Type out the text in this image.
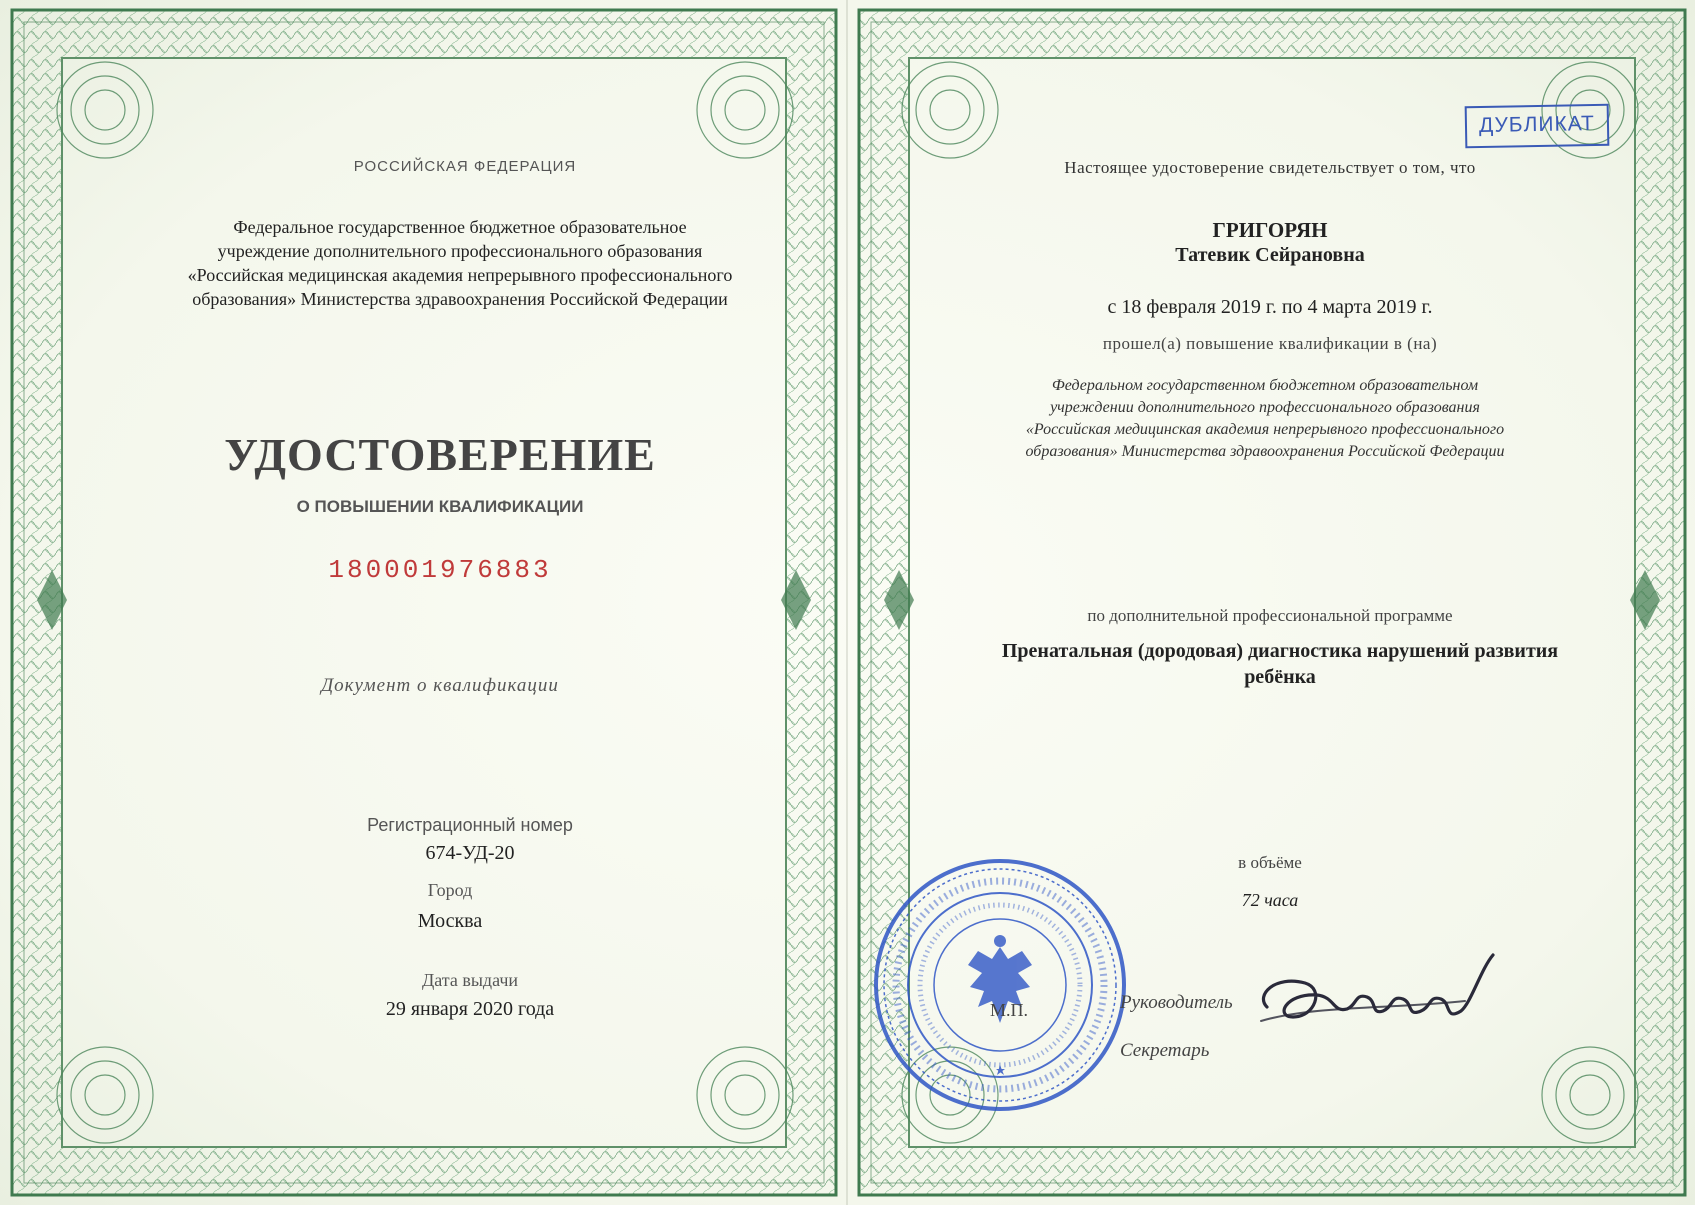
РОССИЙСКАЯ ФЕДЕРАЦИЯ
Федеральное государственное бюджетное образовательное
учреждение дополнительного профессионального образования
«Российская медицинская академия непрерывного профессионального
образования» Министерства здравоохранения Российской Федерации
УДОСТОВЕРЕНИЕ
О ПОВЫШЕНИИ КВАЛИФИКАЦИИ
180001976883
Документ о квалификации
Регистрационный номер
674-УД-20
Город
Москва
Дата выдачи
29 января 2020 года
ДУБЛИКАТ
Настоящее удостоверение свидетельствует о том, что
ГРИГОРЯН
Татевик Сейрановна
с 18 февраля 2019 г. по 4 марта 2019 г.
прошел(а) повышение квалификации в (на)
Федеральном государственном бюджетном образовательном
учреждении дополнительного профессионального образования
«Российская медицинская академия непрерывного профессионального
образования» Министерства здравоохранения Российской Федерации
по дополнительной профессиональной программе
Пренатальная (дородовая) диагностика нарушений развития
ребёнка
в объёме
72 часа
М.П.	Руководитель
Секретарь
